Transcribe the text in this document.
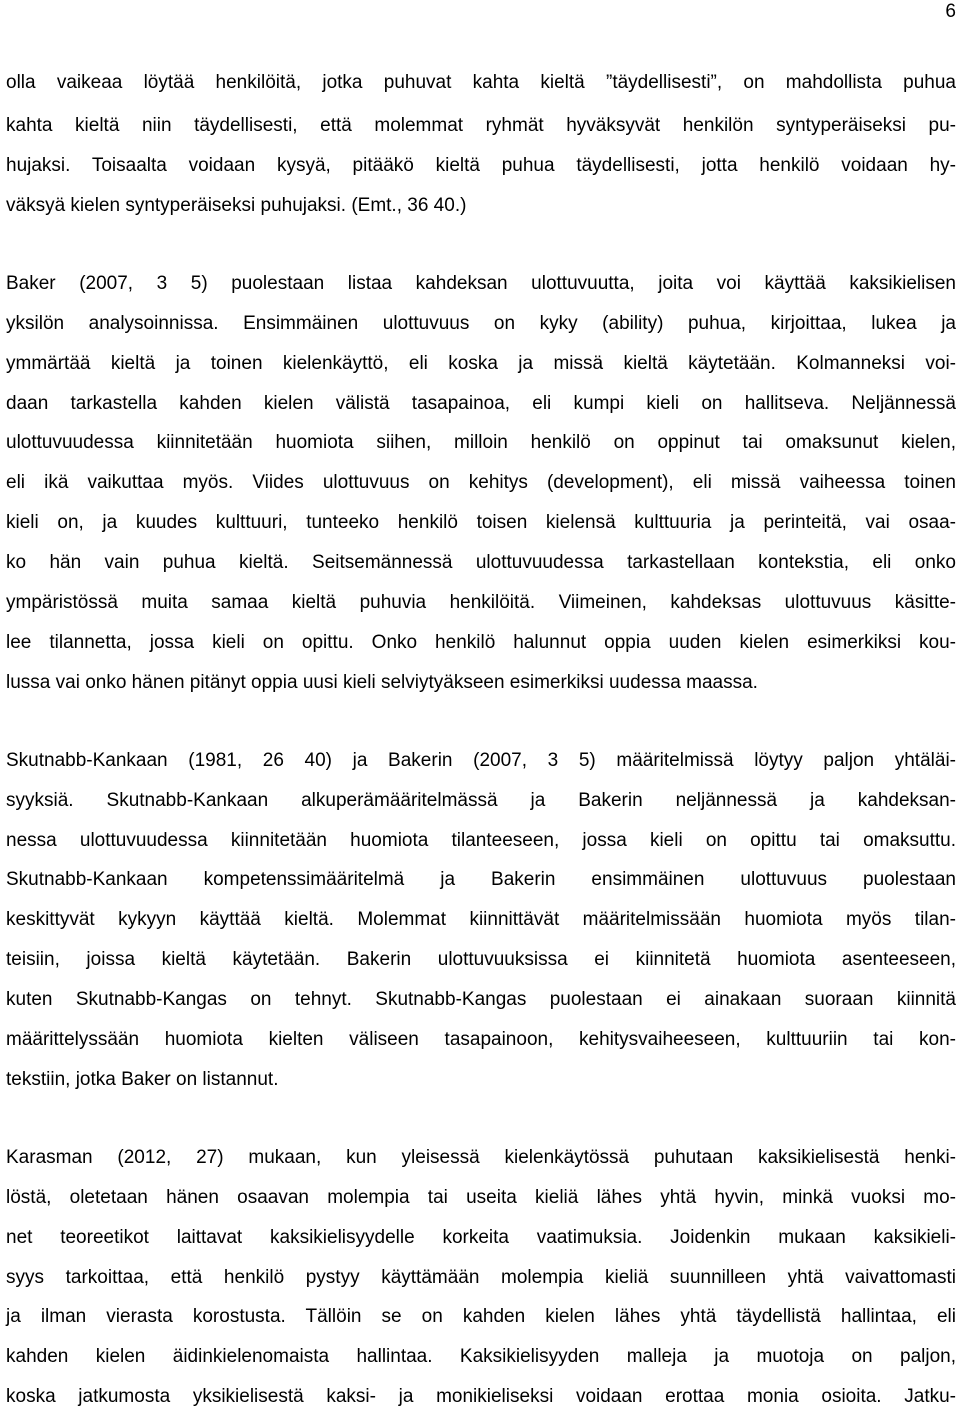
6
olla vaikeaa löytää henkilöitä, jotka puhuvat kahta kieltä ”täydellisesti”, on mahdollista puhua
kahta kieltä niin täydellisesti, että molemmat ryhmät hyväksyvät henkilön syntyperäiseksi pu-
hujaksi. Toisaalta voidaan kysyä, pitääkö kieltä puhua täydellisesti, jotta henkilö voidaan hy-
väksyä kielen syntyperäiseksi puhujaksi. (Emt., 36 40.)
Baker (2007, 3 5) puolestaan listaa kahdeksan ulottuvuutta, joita voi käyttää kaksikielisen
yksilön analysoinnissa. Ensimmäinen ulottuvuus on kyky (ability) puhua, kirjoittaa, lukea ja
ymmärtää kieltä ja toinen kielenkäyttö, eli koska ja missä kieltä käytetään. Kolmanneksi voi-
daan tarkastella kahden kielen välistä tasapainoa, eli kumpi kieli on hallitseva. Neljännessä
ulottuvuudessa kiinnitetään huomiota siihen, milloin henkilö on oppinut tai omaksunut kielen,
eli ikä vaikuttaa myös. Viides ulottuvuus on kehitys (development), eli missä vaiheessa toinen
kieli on, ja kuudes kulttuuri, tunteeko henkilö toisen kielensä kulttuuria ja perinteitä, vai osaa-
ko hän vain puhua kieltä. Seitsemännessä ulottuvuudessa tarkastellaan kontekstia, eli onko
ympäristössä muita samaa kieltä puhuvia henkilöitä. Viimeinen, kahdeksas ulottuvuus käsitte-
lee tilannetta, jossa kieli on opittu. Onko henkilö halunnut oppia uuden kielen esimerkiksi kou-
lussa vai onko hänen pitänyt oppia uusi kieli selviytyäkseen esimerkiksi uudessa maassa.
Skutnabb-Kankaan (1981, 26 40) ja Bakerin (2007, 3 5) määritelmissä löytyy paljon yhtäläi-
syyksiä. Skutnabb-Kankaan alkuperämääritelmässä ja Bakerin neljännessä ja kahdeksan-
nessa ulottuvuudessa kiinnitetään huomiota tilanteeseen, jossa kieli on opittu tai omaksuttu.
Skutnabb-Kankaan kompetenssimääritelmä ja Bakerin ensimmäinen ulottuvuus puolestaan
keskittyvät kykyyn käyttää kieltä. Molemmat kiinnittävät määritelmissään huomiota myös tilan-
teisiin, joissa kieltä käytetään. Bakerin ulottuvuuksissa ei kiinnitetä huomiota asenteeseen,
kuten Skutnabb-Kangas on tehnyt. Skutnabb-Kangas puolestaan ei ainakaan suoraan kiinnitä
määrittelyssään huomiota kielten väliseen tasapainoon, kehitysvaiheeseen, kulttuuriin tai kon-
tekstiin, jotka Baker on listannut.
Karasman (2012, 27) mukaan, kun yleisessä kielenkäytössä puhutaan kaksikielisestä henki-
löstä, oletetaan hänen osaavan molempia tai useita kieliä lähes yhtä hyvin, minkä vuoksi mo-
net teoreetikot laittavat kaksikielisyydelle korkeita vaatimuksia. Joidenkin mukaan kaksikieli-
syys tarkoittaa, että henkilö pystyy käyttämään molempia kieliä suunnilleen yhtä vaivattomasti
ja ilman vierasta korostusta. Tällöin se on kahden kielen lähes yhtä täydellistä hallintaa, eli
kahden kielen äidinkielenomaista hallintaa. Kaksikielisyyden malleja ja muotoja on paljon,
koska jatkumosta yksikielisestä kaksi- ja monikieliseksi voidaan erottaa monia osioita. Jatku-
